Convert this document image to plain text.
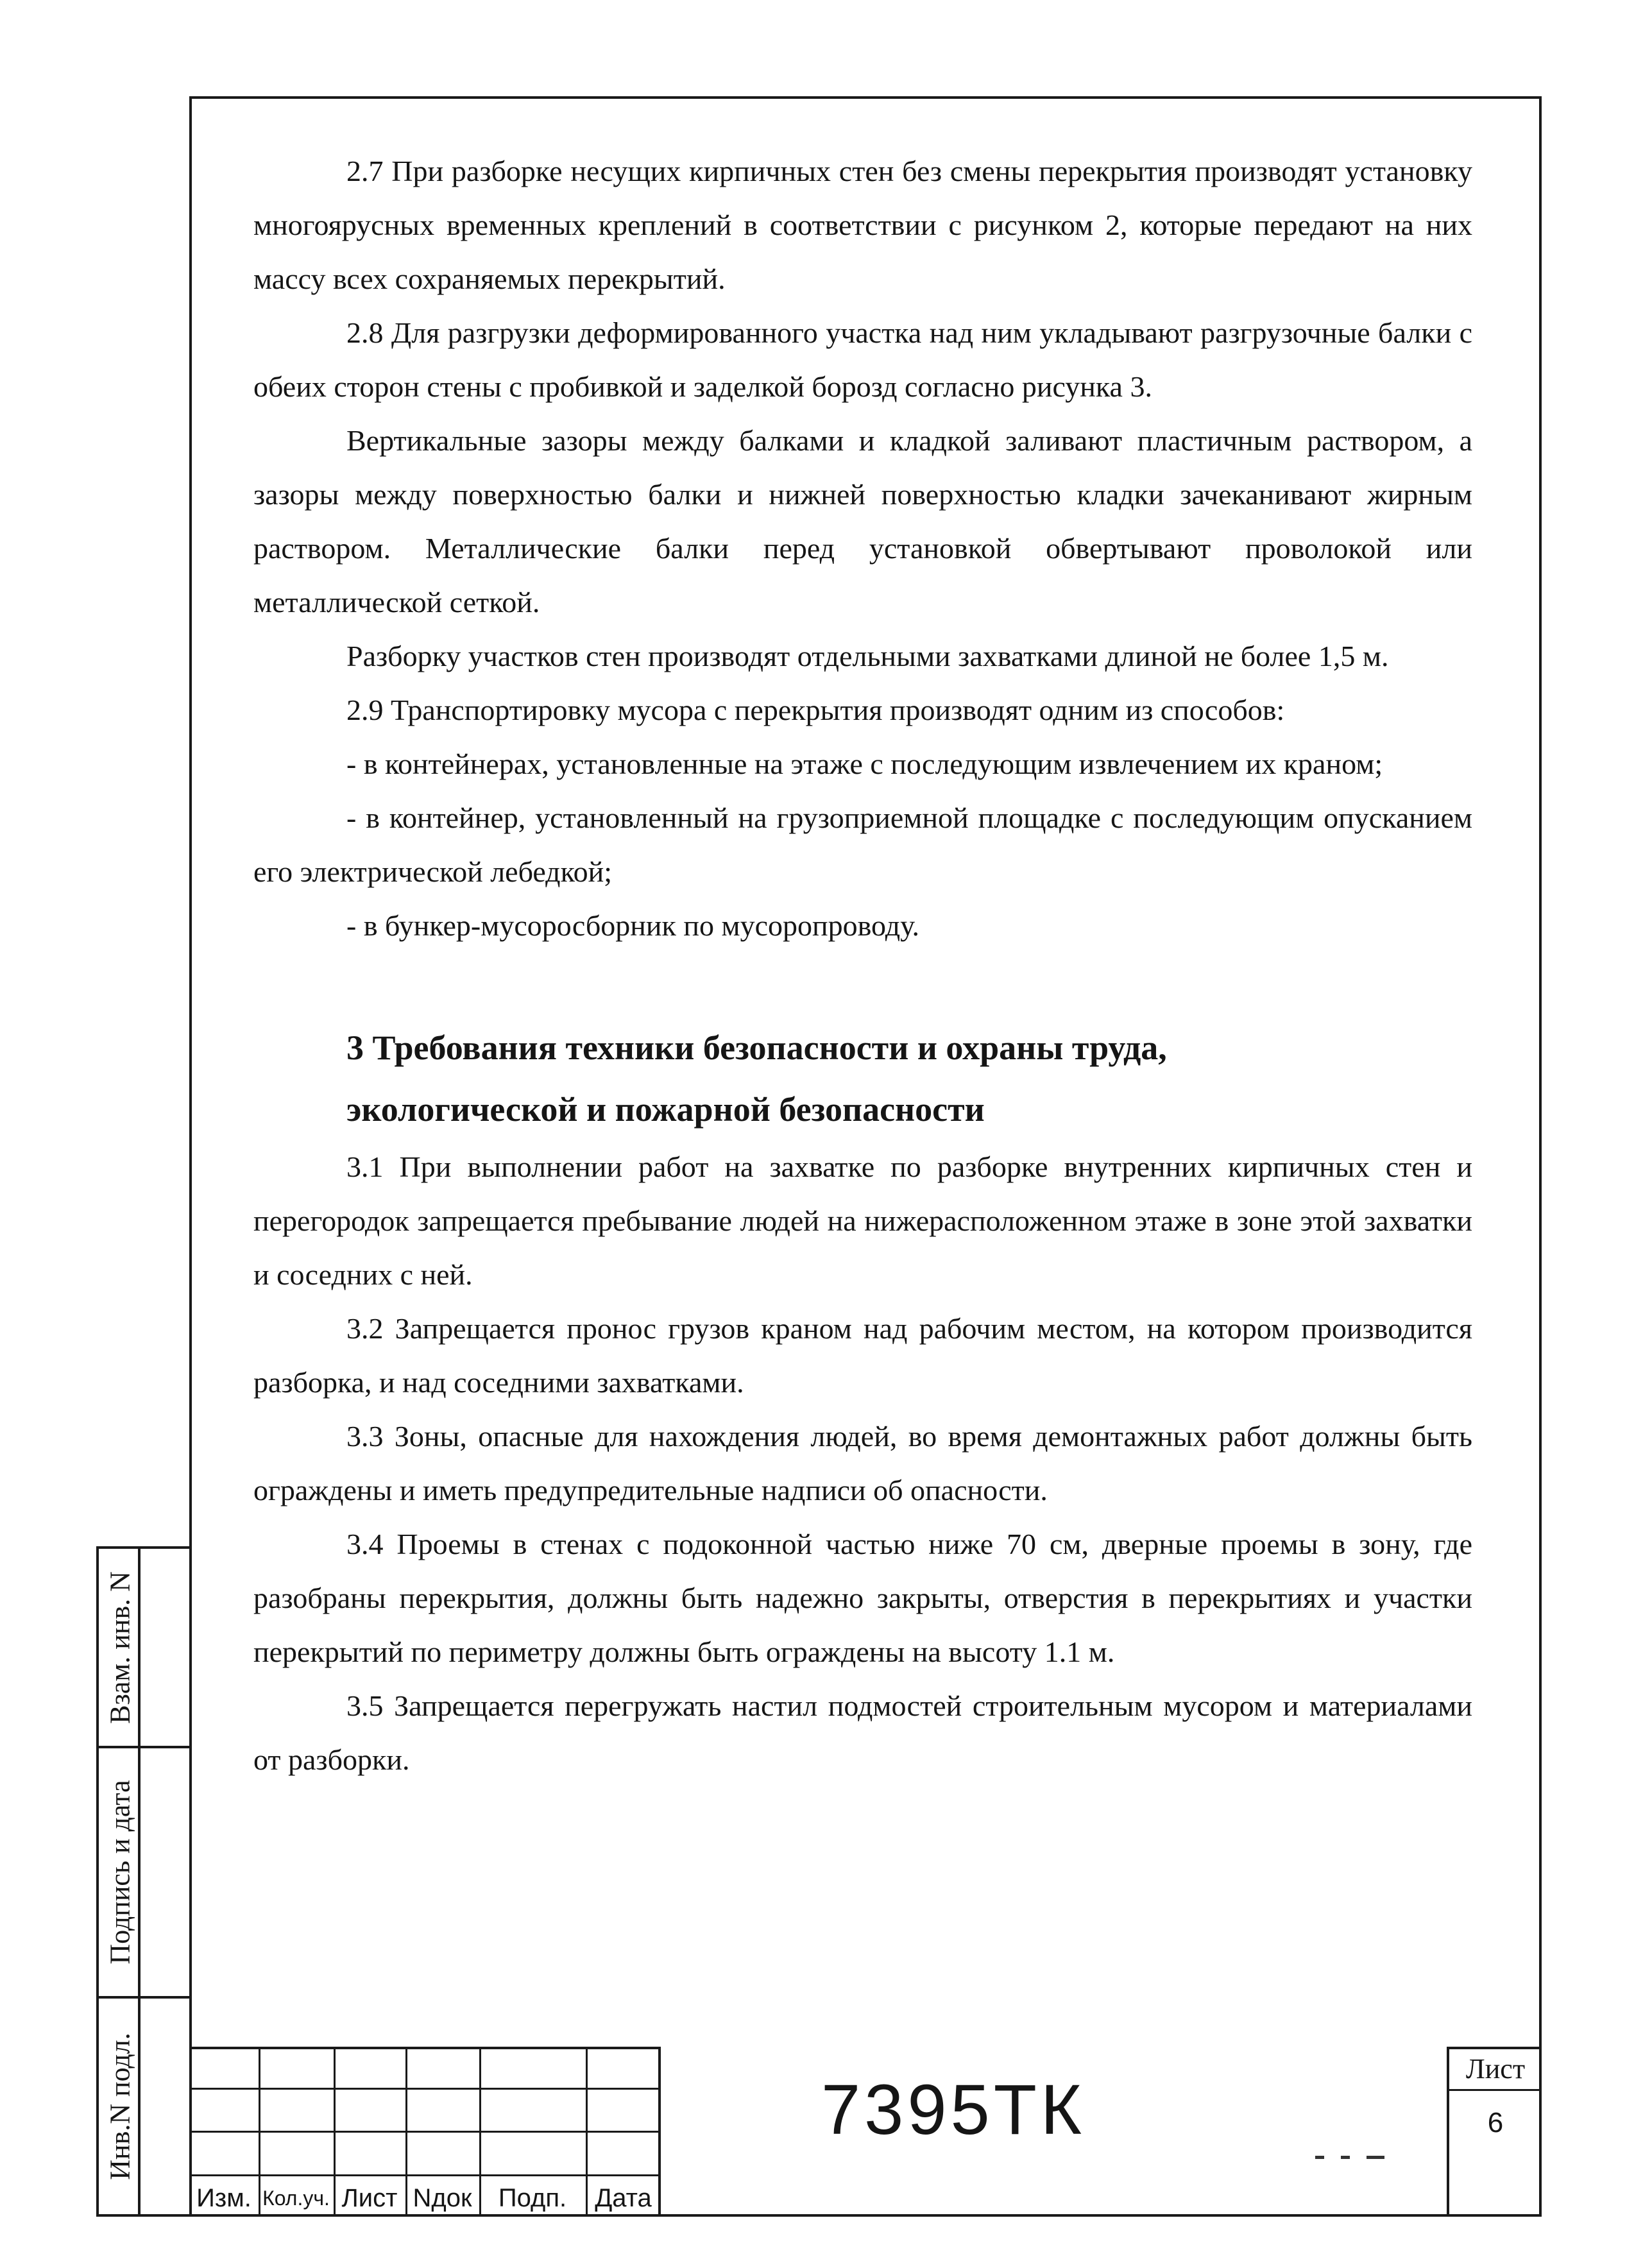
2.7 При разборке несущих кирпичных стен без смены перекрытия производят установку многоярусных временных креплений в соответствии с рисунком 2, которые передают на них массу всех сохраняемых перекрытий.

2.8 Для разгрузки деформированного участка над ним укладывают разгрузочные балки с обеих сторон стены с пробивкой и заделкой борозд согласно рисунка 3.

Вертикальные зазоры между балками и кладкой заливают пластичным раствором, а зазоры между поверхностью балки и нижней поверхностью кладки зачеканивают жирным раствором. Металлические балки перед установкой обвертывают проволокой или металлической сеткой.

Разборку участков стен производят отдельными захватками длиной не более 1,5 м.

2.9 Транспортировку мусора с перекрытия производят одним из способов:

- в контейнерах, установленные на этаже с последующим извлечением их краном;

- в контейнер, установленный на грузоприемной площадке с последующим опусканием его электрической лебедкой;

- в бункер-мусоросборник по мусоропроводу.

3 Требования техники безопасности и охраны труда,
экологической и пожарной безопасности

3.1 При выполнении работ на захватке по разборке внутренних кирпичных стен и перегородок запрещается пребывание людей на нижерасположенном этаже в зоне этой захватки и соседних с ней.

3.2 Запрещается пронос грузов краном над рабочим местом, на котором производится разборка, и над соседними захватками.

3.3 Зоны, опасные для нахождения людей, во время демонтажных работ должны быть ограждены и иметь предупредительные надписи об опасности.

3.4 Проемы в стенах с подоконной частью ниже 70 см, дверные проемы в зону, где разобраны перекрытия, должны быть надежно закрыты, отверстия в перекрытиях и участки перекрытий по периметру должны быть ограждены на высоту 1.1 м.

3.5 Запрещается перегружать настил подмостей строительным мусором и материалами от разборки.

Взам. инв. N
Подпись и дата
Инв.N подл.
Изм. Кол.уч. Лист Nдок	Подп.	Дата
7395ТК
Лист
6
